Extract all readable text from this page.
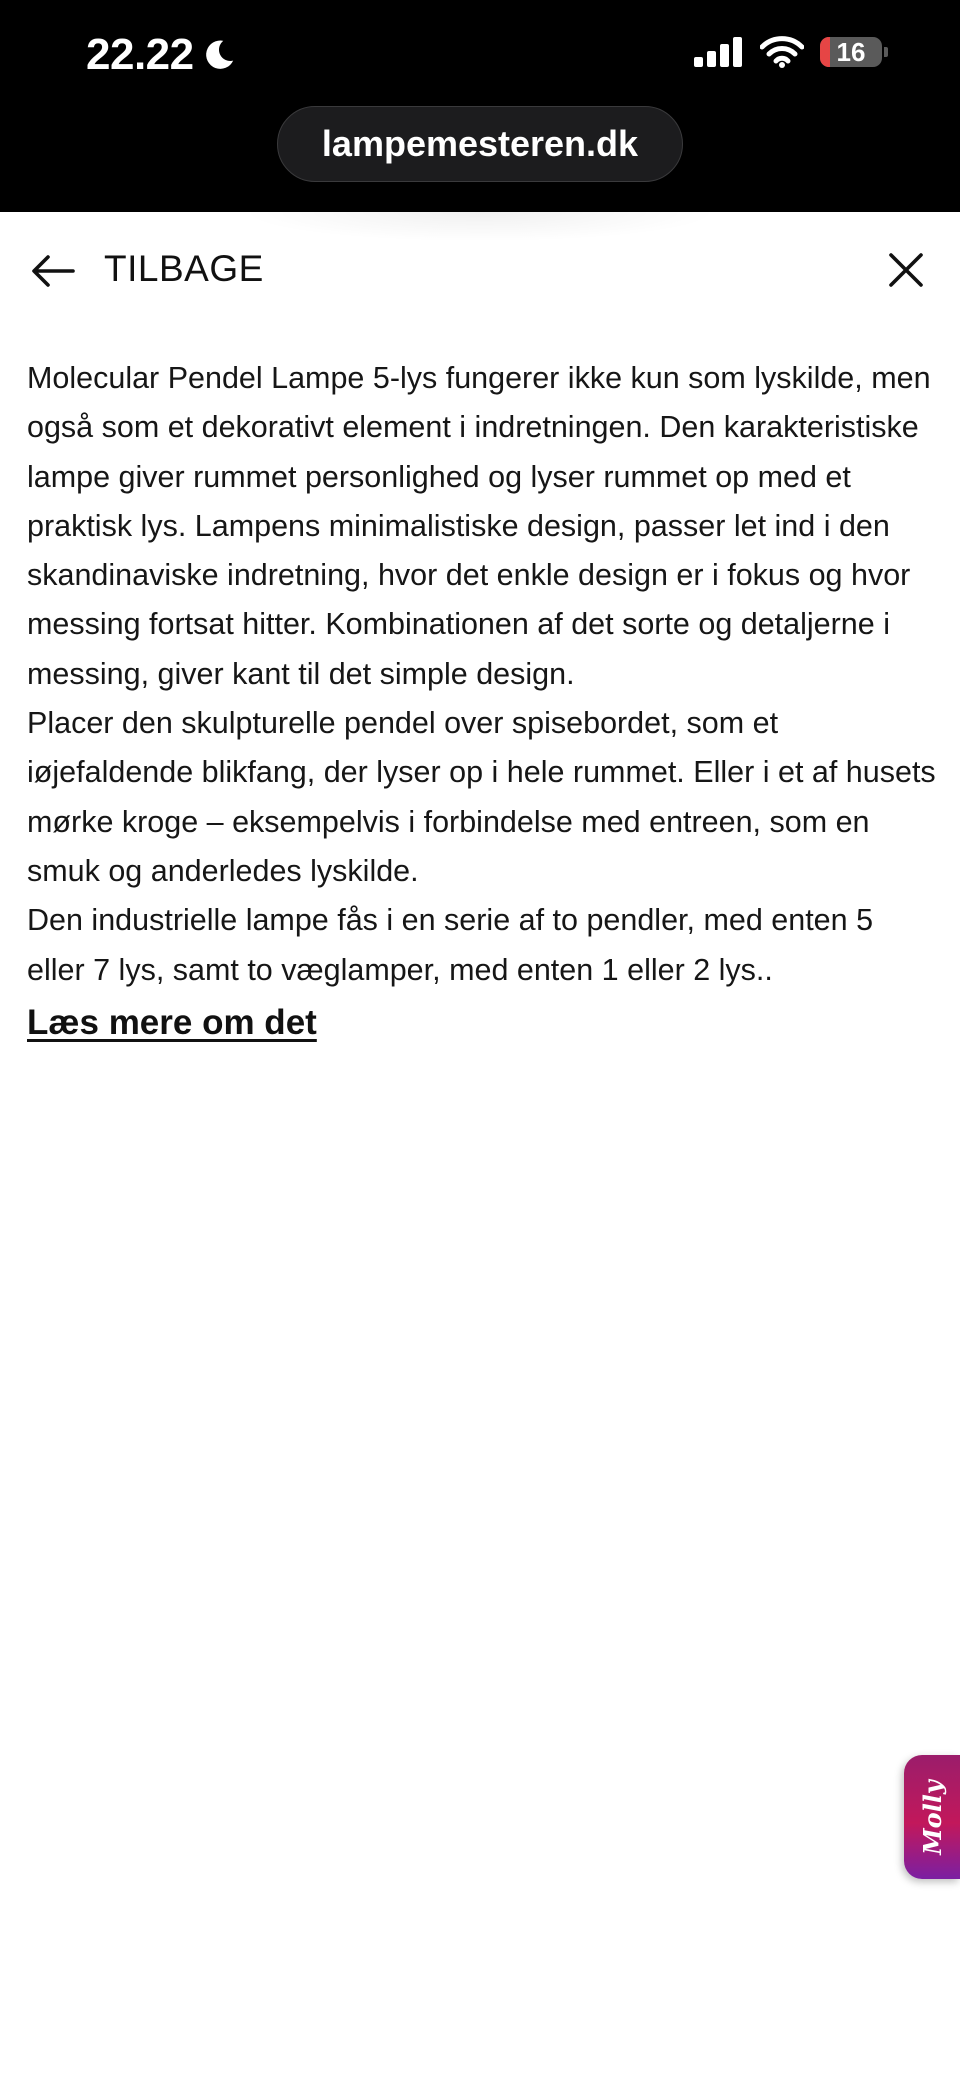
22.22	16
lampemesteren.dk
TILBAGE

Molecular Pendel Lampe 5-lys fungerer ikke kun som lyskilde, men også som et dekorativt element i indretningen. Den karakteristiske lampe giver rummet personlighed og lyser rummet op med et praktisk lys. Lampens minimalistiske design, passer let ind i den skandinaviske indretning, hvor det enkle design er i fokus og hvor messing fortsat hitter. Kombinationen af det sorte og detaljerne i messing, giver kant til det simple design.

Placer den skulpturelle pendel over spisebordet, som et iøjefaldende blikfang, der lyser op i hele rummet. Eller i et af husets mørke kroge – eksempelvis i forbindelse med entreen, som en smuk og anderledes lyskilde.

Den industrielle lampe fås i en serie af to pendler, med enten 5 eller 7 lys, samt to væglamper, med enten 1 eller 2 lys..

Læs mere om det
Molly
